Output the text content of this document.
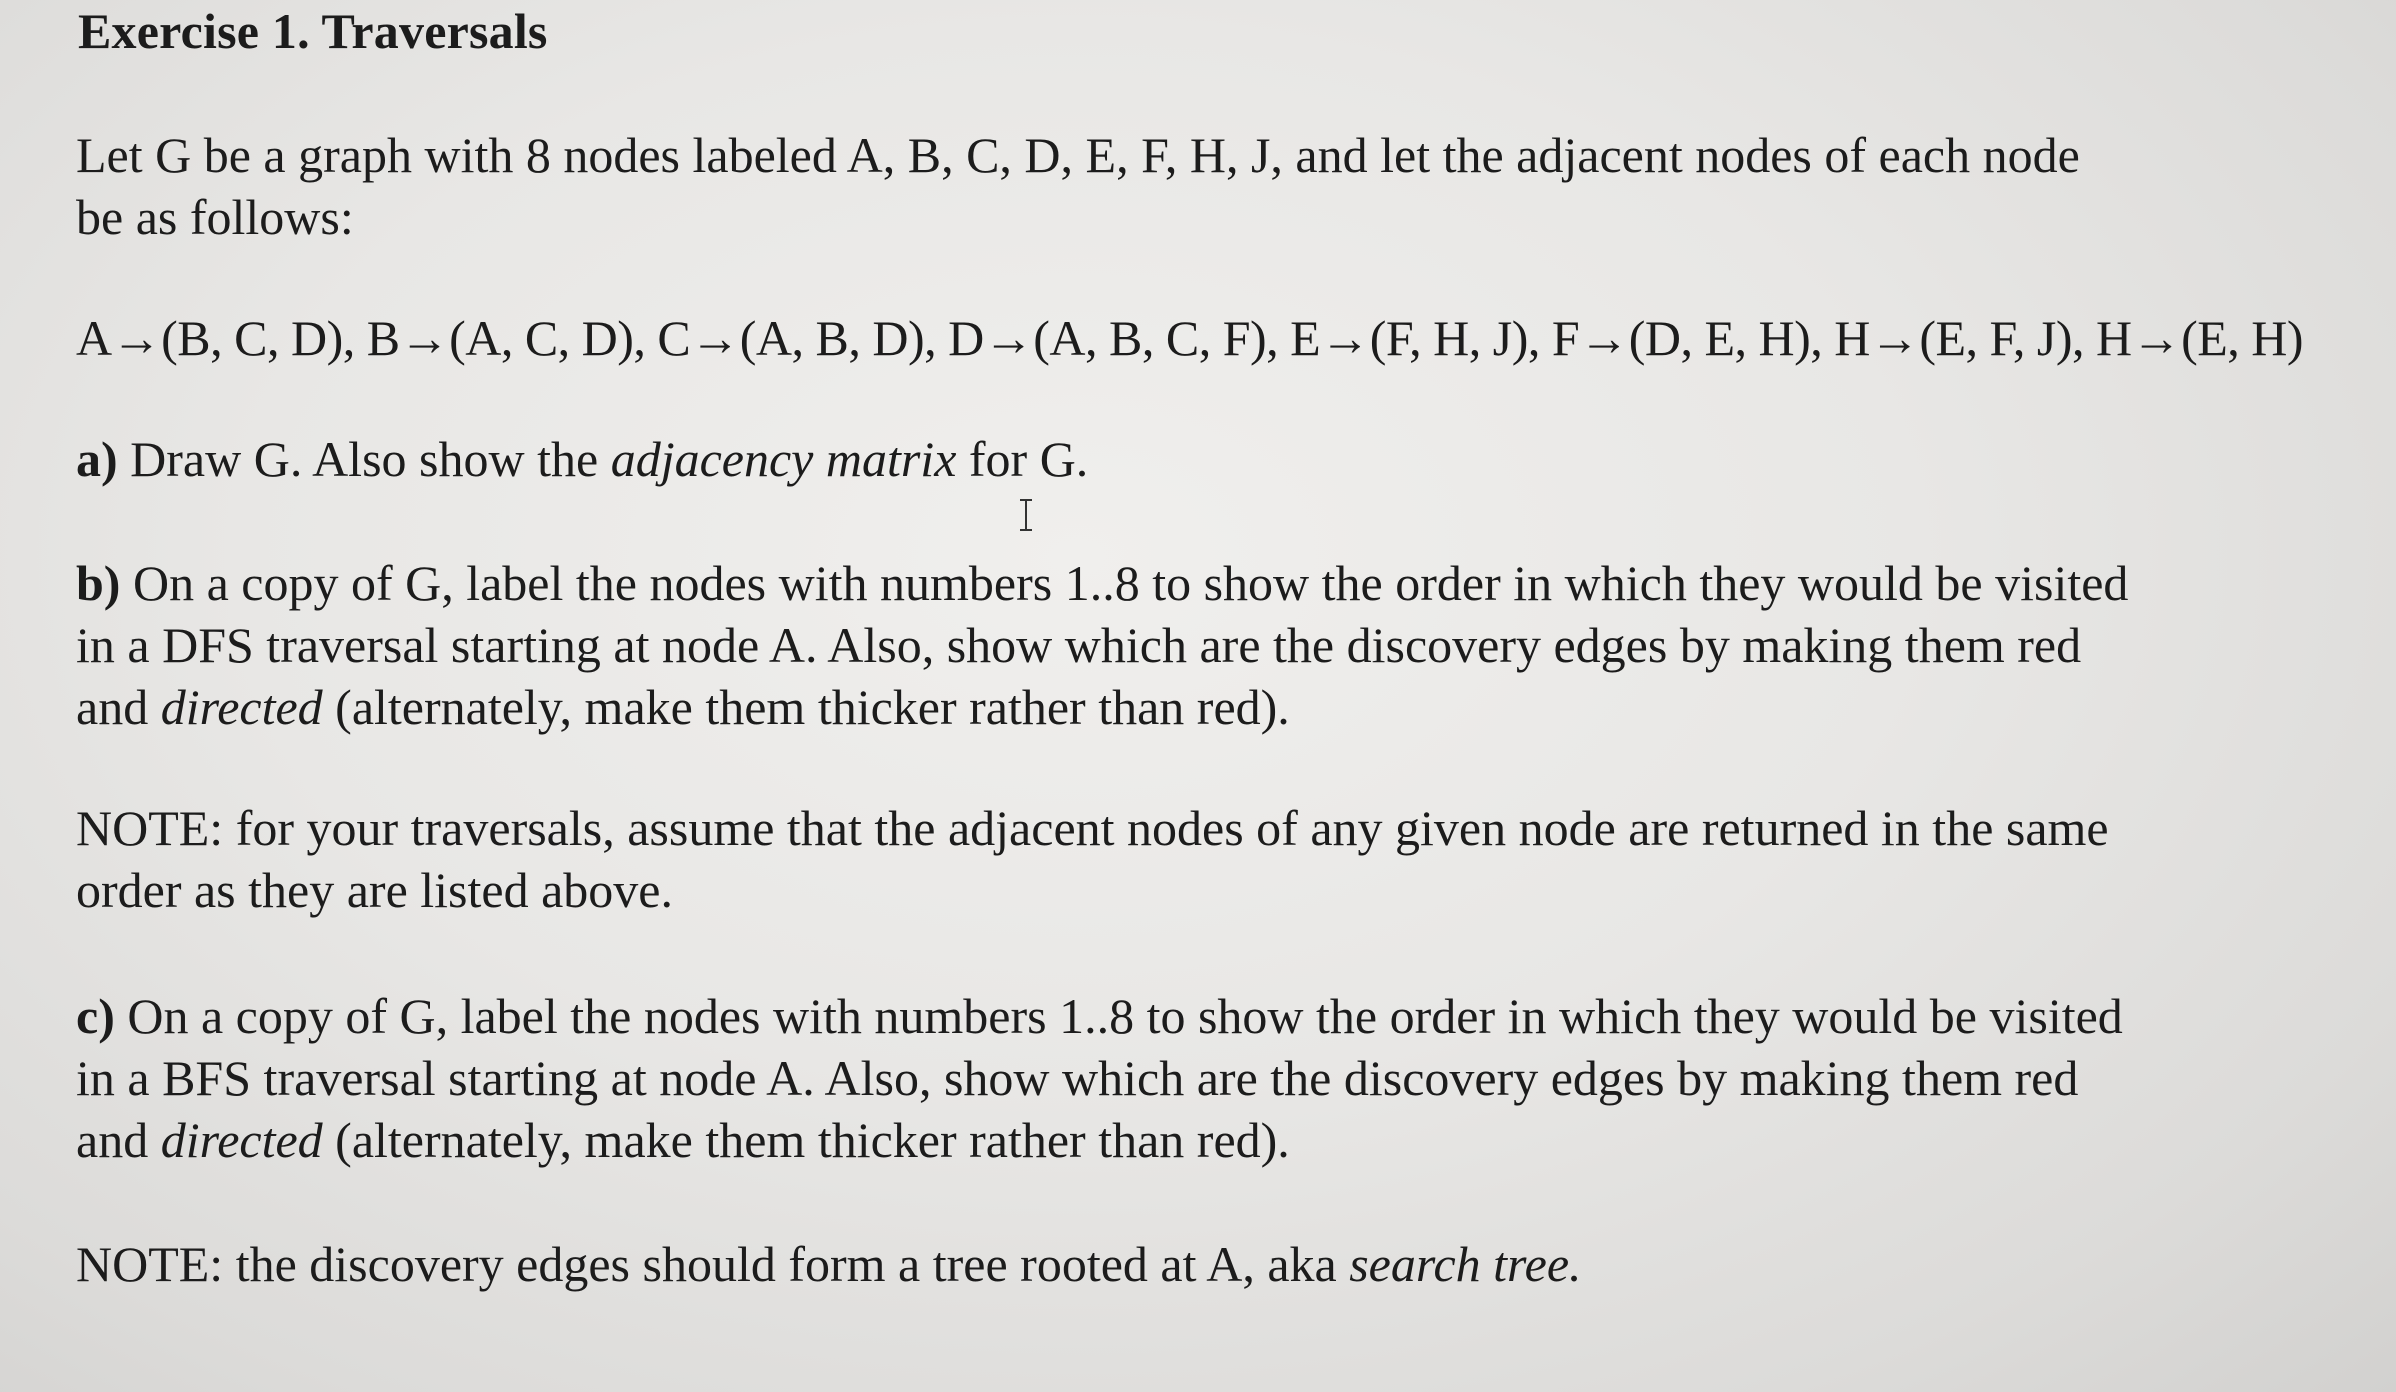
Exercise 1. Traversals

Let G be a graph with 8 nodes labeled A, B, C, D, E, F, H, J, and let the adjacent nodes of each node
be as follows:

A→(B, C, D), B→(A, C, D), C→(A, B, D), D→(A, B, C, F), E→(F, H, J), F→(D, E, H), H→(E, F, J), H→(E, H)

a) Draw G. Also show the adjacency matrix for G.

b) On a copy of G, label the nodes with numbers 1..8 to show the order in which they would be visited
in a DFS traversal starting at node A. Also, show which are the discovery edges by making them red
and directed (alternately, make them thicker rather than red).

NOTE: for your traversals, assume that the adjacent nodes of any given node are returned in the same
order as they are listed above.

c) On a copy of G, label the nodes with numbers 1..8 to show the order in which they would be visited
in a BFS traversal starting at node A. Also, show which are the discovery edges by making them red
and directed (alternately, make them thicker rather than red).

NOTE: the discovery edges should form a tree rooted at A, aka search tree.
